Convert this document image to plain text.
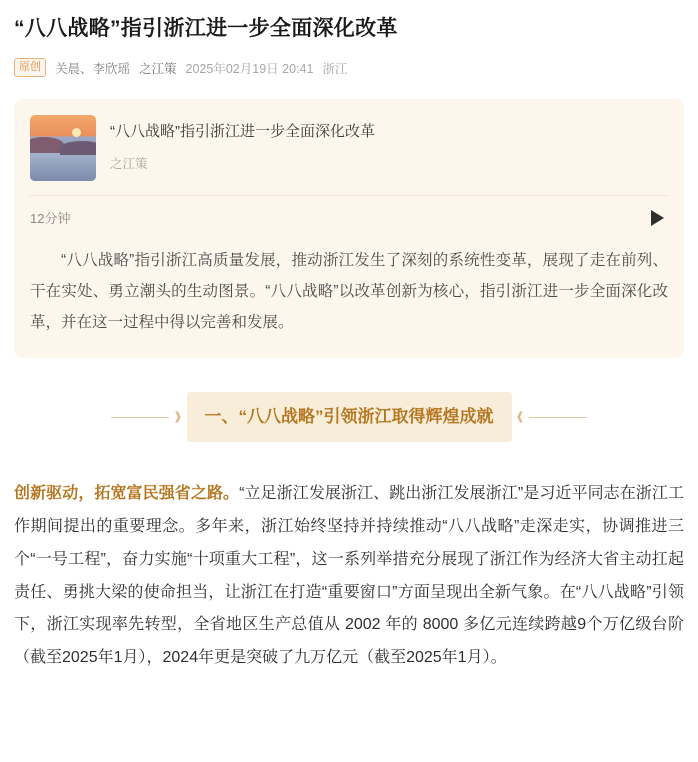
“八八战略”指引浙江进一步全面深化改革
原创	关晨、李欣瑶 之江策 2025年02月19日 20:41 浙江
“八八战略”指引浙江进一步全面深化改革
之江策
12分钟
“八八战略”指引浙江高质量发展，推动浙江发生了深刻的系统性变革，展现了走在前列、干在实处、勇立潮头的生动图景。“八八战略”以改革创新为核心，指引浙江进一步全面深化改革，并在这一过程中得以完善和发展。
❱	一、“八八战略”引领浙江取得辉煌成就	❰

创新驱动，拓宽富民强省之路。“立足浙江发展浙江、跳出浙江发展浙江”是习近平同志在浙江工作期间提出的重要理念。多年来，浙江始终坚持并持续推动“八八战略”走深走实，协调推进三个“一号工程”，奋力实施“十项重大工程”，这一系列举措充分展现了浙江作为经济大省主动扛起责任、勇挑大梁的使命担当，让浙江在打造“重要窗口”方面呈现出全新气象。在“八八战略”引领下，浙江实现率先转型，全省地区生产总值从 2002 年的 8000 多亿元连续跨越9个万亿级台阶（截至2025年1月），2024年更是突破了九万亿元（截至2025年1月）。
